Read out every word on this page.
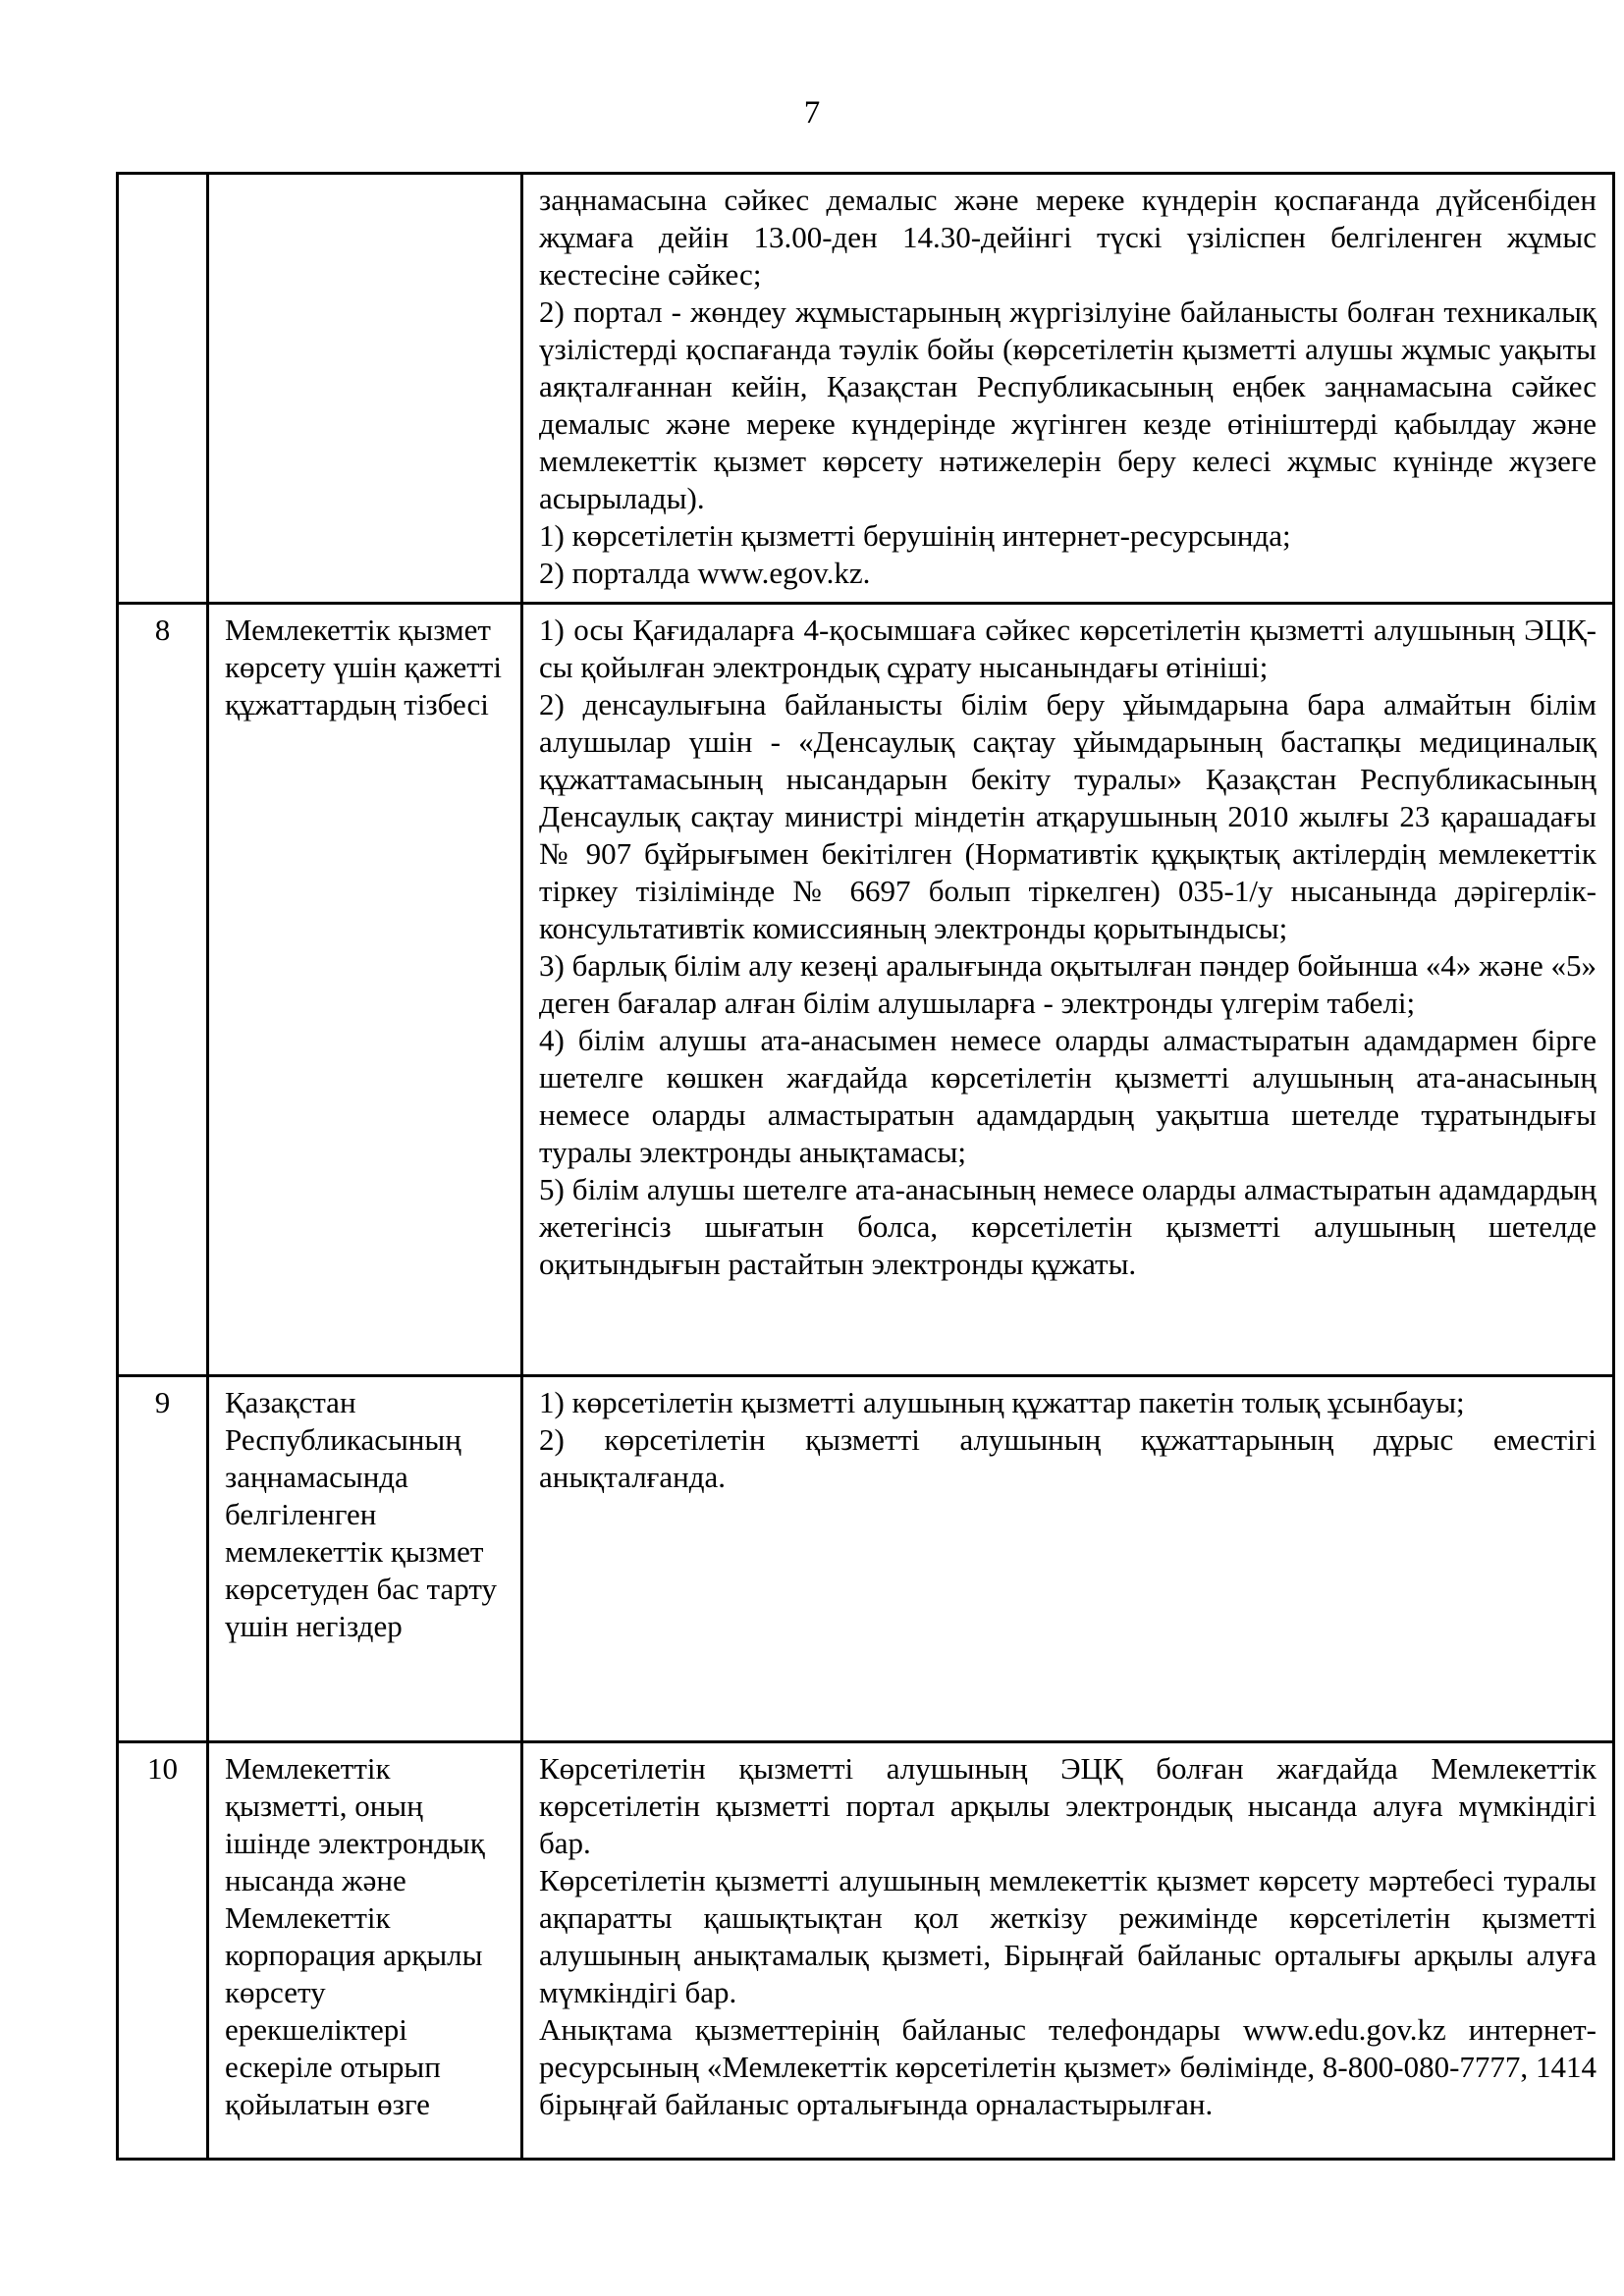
7

		заңнамасына сәйкес демалыс және мереке күндерін қоспағанда дүйсенбіден жұмаға дейін 13.00-ден 14.30-дейінгі түскі үзіліспен белгіленген жұмыс кестесіне сәйкес;

2) портал - жөндеу жұмыстарының жүргізілуіне байланысты болған техникалық үзілістерді қоспағанда тәулік бойы (көрсетілетін қызметті алушы жұмыс уақыты аяқталғаннан кейін, Қазақстан Республикасының еңбек заңнамасына сәйкес демалыс және мереке күндерінде жүгінген кезде өтініштерді қабылдау және мемлекеттік қызмет көрсету нәтижелерін беру келесі жұмыс күнінде жүзеге асырылады).

1) көрсетілетін қызметті берушінің интернет-ресурсында;

2) порталда www.egov.kz.

8	Мемлекеттік қызмет көрсету үшін қажетті құжаттардың тізбесі	1) осы Қағидаларға 4-қосымшаға сәйкес көрсетілетін қызметті алушының ЭЦҚ-сы қойылған электрондық сұрату нысанындағы өтініші;

2) денсаулығына байланысты білім беру ұйымдарына бара алмайтын білім алушылар үшін - «Денсаулық сақтау ұйымдарының бастапқы медициналық құжаттамасының нысандарын бекіту туралы» Қазақстан Республикасының Денсаулық сақтау министрі міндетін атқарушының 2010 жылғы 23 қарашадағы № 907 бұйрығымен бекітілген (Нормативтік құқықтық актілердің мемлекеттік тіркеу тізілімінде № 6697 болып тіркелген) 035-1/у нысанында дәрігерлік-консультативтік комиссияның электронды қорытындысы;

3) барлық білім алу кезеңі аралығында оқытылған пәндер бойынша «4» және «5» деген бағалар алған білім алушыларға - электронды үлгерім табелі;

4) білім алушы ата-анасымен немесе оларды алмастыратын адамдармен бірге шетелге көшкен жағдайда көрсетілетін қызметті алушының ата-анасының немесе оларды алмастыратын адамдардың уақытша шетелде тұратындығы туралы электронды анықтамасы;

5) білім алушы шетелге ата-анасының немесе оларды алмастыратын адамдардың жетегінсіз шығатын болса, көрсетілетін қызметті алушының шетелде оқитындығын растайтын электронды құжаты.

9	Қазақстан Республикасының заңнамасында белгіленген мемлекеттік қызмет көрсетуден бас тарту үшін негіздер	1) көрсетілетін қызметті алушының құжаттар пакетін толық ұсынбауы;

2) көрсетілетін қызметті алушының құжаттарының дұрыс еместігі анықталғанда.

10	Мемлекеттік қызметті, оның ішінде электрондық нысанда және Мемлекеттік корпорация арқылы көрсету ерекшеліктері ескеріле отырып қойылатын өзге	Көрсетілетін қызметті алушының ЭЦҚ болған жағдайда Мемлекеттік көрсетілетін қызметті портал арқылы электрондық нысанда алуға мүмкіндігі бар.

Көрсетілетін қызметті алушының мемлекеттік қызмет көрсету мәртебесі туралы ақпаратты қашықтықтан қол жеткізу режимінде көрсетілетін қызметті алушының анықтамалық қызметі, Бірыңғай байланыс орталығы арқылы алуға мүмкіндігі бар.

Анықтама қызметтерінің байланыс телефондары www.edu.gov.kz интернет-ресурсының «Мемлекеттік көрсетілетін қызмет» бөлімінде, 8-800-080-7777, 1414 бірыңғай байланыс орталығында орналастырылған.
